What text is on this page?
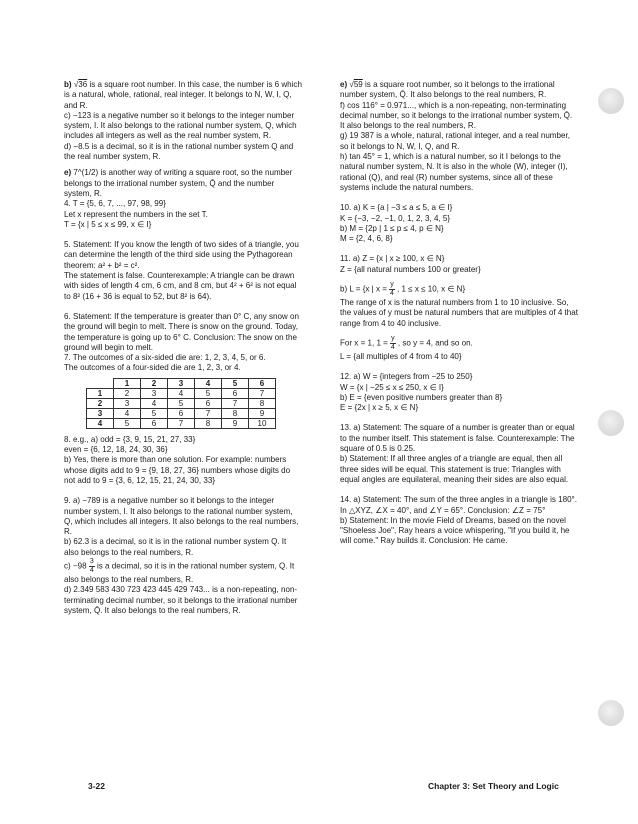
b) √36 is a square root number. In this case, the number is 6 which is a natural, whole, rational, real integer. It belongs to N, W, I, Q, and R.

c) −123 is a negative number so it belongs to the integer number system, I. It also belongs to the rational number system, Q, which includes all integers as well as the real number system, R.

d) −8.5 is a decimal, so it is in the rational number system Q and the real number system, R.

e) 7^(1/2) is another way of writing a square root, so the number belongs to the irrational number system, Q̄ and the number system, R.

4. T = {5, 6, 7, ..., 97, 98, 99}

Let x represent the numbers in the set T.

T = {x | 5 ≤ x ≤ 99, x ∈ I}

5. Statement: If you know the length of two sides of a triangle, you can determine the length of the third side using the Pythagorean theorem: a² + b² = c².

The statement is false. Counterexample: A triangle can be drawn with sides of length 4 cm, 6 cm, and 8 cm, but 4² + 6² is not equal to 8² (16 + 36 is equal to 52, but 8² is 64).

6. Statement: If the temperature is greater than 0° C, any snow on the ground will begin to melt. There is snow on the ground. Today, the temperature is going up to 6° C. Conclusion: The snow on the ground will begin to melt.

7. The outcomes of a six-sided die are: 1, 2, 3, 4, 5, or 6.

The outcomes of a four-sided die are 1, 2, 3, or 4.

	1	2	3	4	5	6
1	2	3	4	5	6	7
2	3	4	5	6	7	8
3	4	5	6	7	8	9
4	5	6	7	8	9	10

8. e.g., a) odd = {3, 9, 15, 21, 27, 33}

even = {6, 12, 18, 24, 30, 36}

b) Yes, there is more than one solution. For example: numbers whose digits add to 9 = {9, 18, 27, 36} numbers whose digits do not add to 9 = {3, 6, 12, 15, 21, 24, 30, 33}

9. a) −789 is a negative number so it belongs to the integer number system, I. It also belongs to the rational number system, Q, which includes all integers. It also belongs to the real numbers, R.

b) 62.3 is a decimal, so it is in the rational number system Q. It also belongs to the real numbers, R.

$c) -98 \frac{3}{4}$ is a decimal, so it is in the rational number system, Q. It also belongs to the real numbers, R.

d) 2.349 583 430 723 423 445 429 743... is a non-repeating, non-terminating decimal number, so it belongs to the irrational number system, Q̄. It also belongs to the real numbers, R.

e) √59 is a square root number, so it belongs to the irrational number system, Q̄. It also belongs to the real numbers, R.

f) cos 116° = 0.971..., which is a non-repeating, non-terminating decimal number, so it belongs to the irrational number system, Q̄. It also belongs to the real numbers, R.

g) 19 387 is a whole, natural, rational integer, and a real number, so it belongs to N, W, I, Q, and R.

h) tan 45° = 1, which is a natural number, so it I belongs to the natural number system, N. It is also in the whole (W), integer (I), rational (Q), and real (R) number systems, since all of these systems include the natural numbers.

10. a) K = {a | −3 ≤ a ≤ 5, a ∈ I}

K = {−3, −2, −1, 0, 1, 2, 3, 4, 5}

b) M = {2p | 1 ≤ p ≤ 4, p ∈ N}

M = {2, 4, 6, 8}

11. a) Z = {x | x ≥ 100, x ∈ N}

Z = {all natural numbers 100 or greater}

b) L = {x | $x = \frac{y}{4}$ , 1 ≤ x ≤ 10, x ∈ N}

The range of x is the natural numbers from 1 to 10 inclusive. So, the values of y must be natural numbers that are multiples of 4 that range from 4 to 40 inclusive.

For x = 1, $1 = \frac{y}{4}$ , so y = 4, and so on.

L = {all multiples of 4 from 4 to 40}

12. a) W = {integers from −25 to 250}

W = {x | −25 ≤ x ≤ 250, x ∈ I}

b) E = {even positive numbers greater than 8}

E = {2x | x ≥ 5, x ∈ N}

13. a) Statement: The square of a number is greater than or equal to the number itself. This statement is false. Counterexample: The square of 0.5 is 0.25.

b) Statement: If all three angles of a triangle are equal, then all three sides will be equal. This statement is true: Triangles with equal angles are equilateral, meaning their sides are also equal.

14. a) Statement: The sum of the three angles in a triangle is 180°. In △XYZ, ∠X = 40°, and ∠Y = 65°. Conclusion: ∠Z = 75°

b) Statement: In the movie Field of Dreams, based on the novel "Shoeless Joe", Ray hears a voice whispering, "If you build it, he will come." Ray builds it. Conclusion: He came.

3-22	Chapter 3: Set Theory and Logic
